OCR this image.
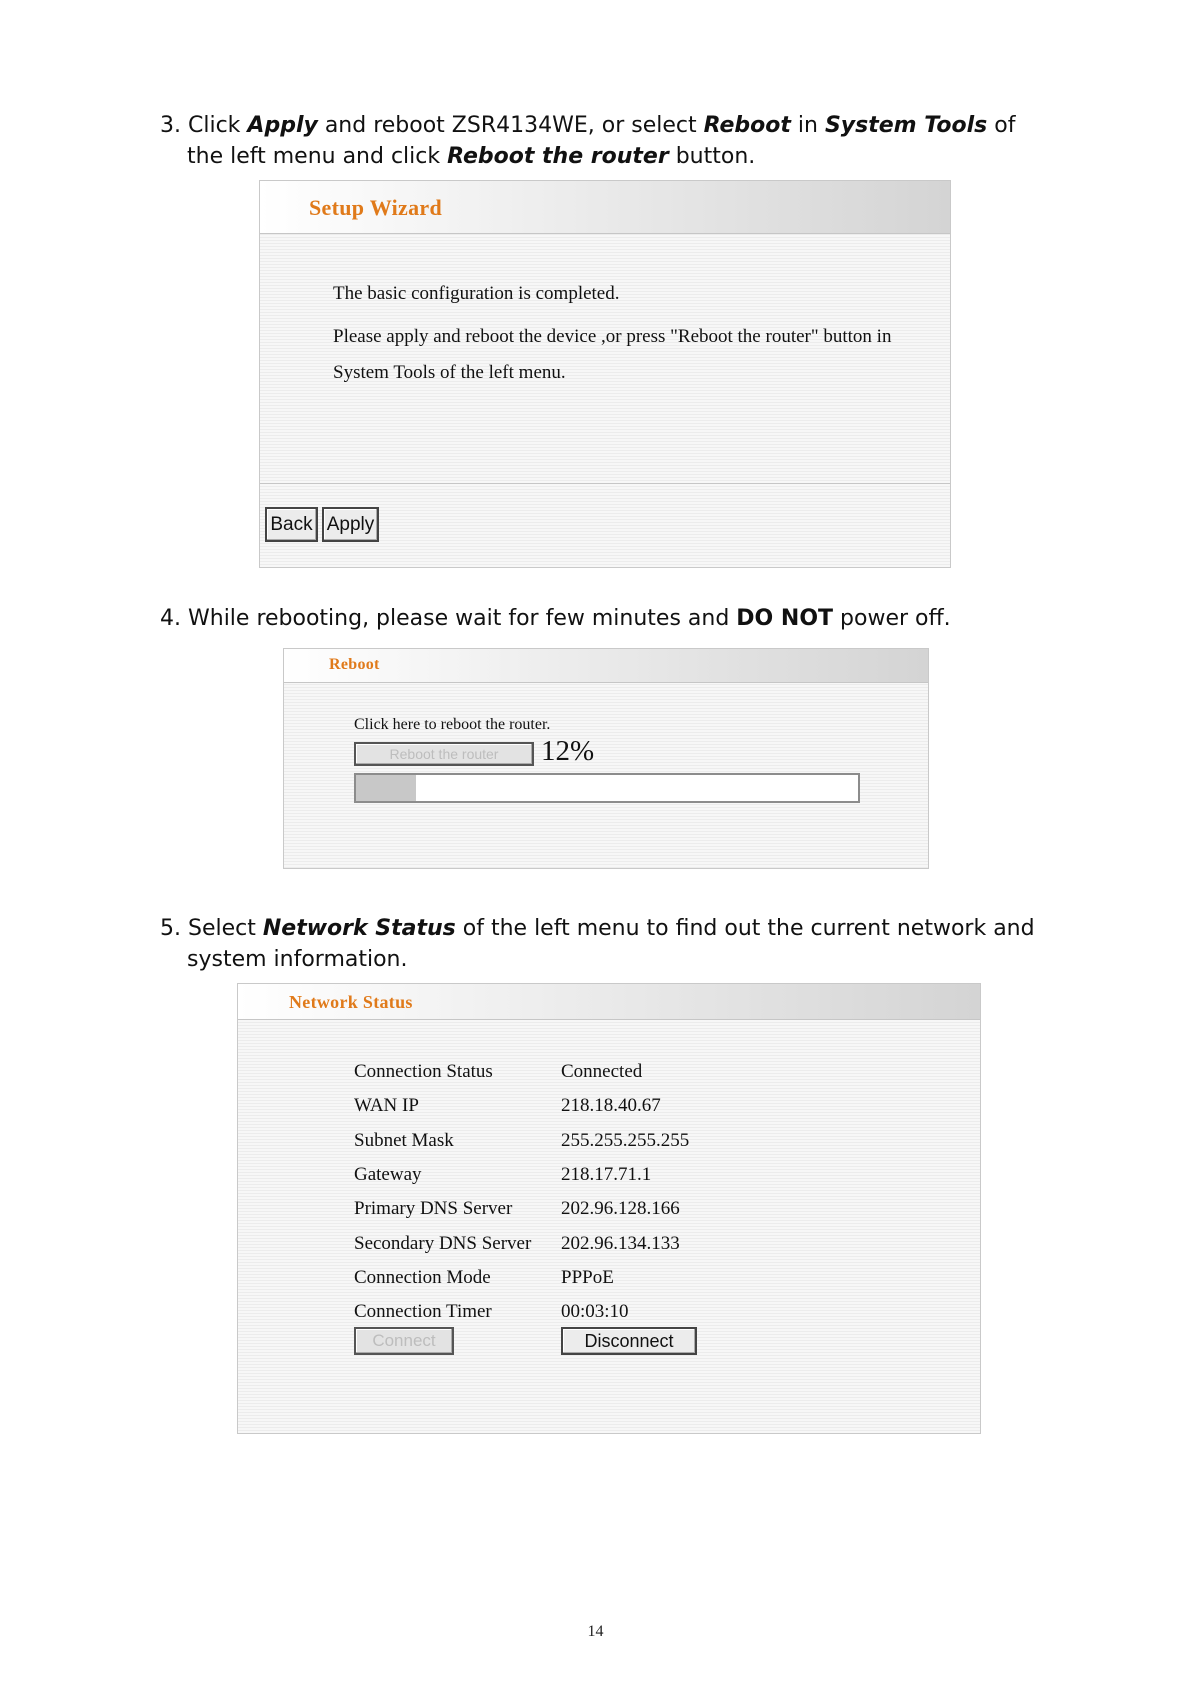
3. Click Apply and reboot ZSR4134WE, or select Reboot in System Tools of
the left menu and click Reboot the router button.
Setup Wizard
The basic configuration is completed.
Please apply and reboot the device ,or press "Reboot the router" button in
System Tools of the left menu.
Back Apply
4. While rebooting, please wait for few minutes and DO NOT power off.
Reboot
Click here to reboot the router.
Reboot the router	12%
5. Select Network Status of the left menu to find out the current network and
system information.
Network Status
Connection Status	Connected
WAN IP	218.18.40.67
Subnet Mask	255.255.255.255
Gateway	218.17.71.1
Primary DNS Server	202.96.128.166
Secondary DNS Server 202.96.134.133
Connection Mode	PPPoE
Connection Timer	00:03:10
Connect	Disconnect
14
